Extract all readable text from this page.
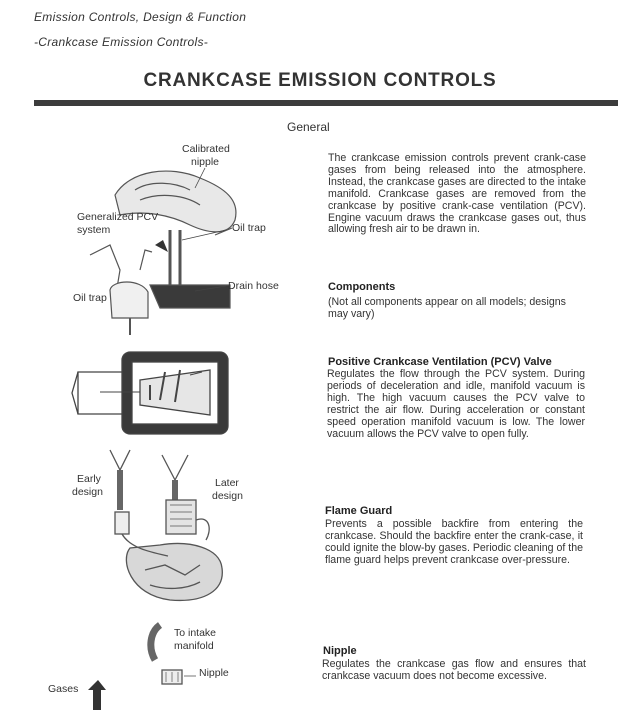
Emission Controls, Design & Function
-Crankcase Emission Controls-
CRANKCASE EMISSION CONTROLS
General
The crankcase emission controls prevent crank-case gases from being released into the atmosphere. Instead, the crankcase gases are directed to the intake manifold. Crankcase gases are removed from the crankcase by positive crank-case ventilation (PCV). Engine vacuum draws the crankcase gases out, thus allowing fresh air to be drawn in.
Components
(Not all components appear on all models; designs may vary)
Positive Crankcase Ventilation (PCV) Valve
Regulates the flow through the PCV system. During periods of deceleration and idle, manifold vacuum is high. The high vacuum causes the PCV valve to restrict the air flow. During acceleration or constant speed operation manifold vacuum is low. The lower vacuum allows the PCV valve to open fully.
Flame Guard
Prevents a possible backfire from entering the crankcase. Should the backfire enter the crank-case, it could ignite the blow-by gases. Periodic cleaning of the flame guard helps prevent crankcase over-pressure.
Nipple
Regulates the crankcase gas flow and ensures that crankcase vacuum does not become excessive.
Calibrated
nipple
Generalized PCV
system	Oil trap
Drain hose
Oil trap
Early
design
Later
design
To intake
manifold
Nipple
Gases
